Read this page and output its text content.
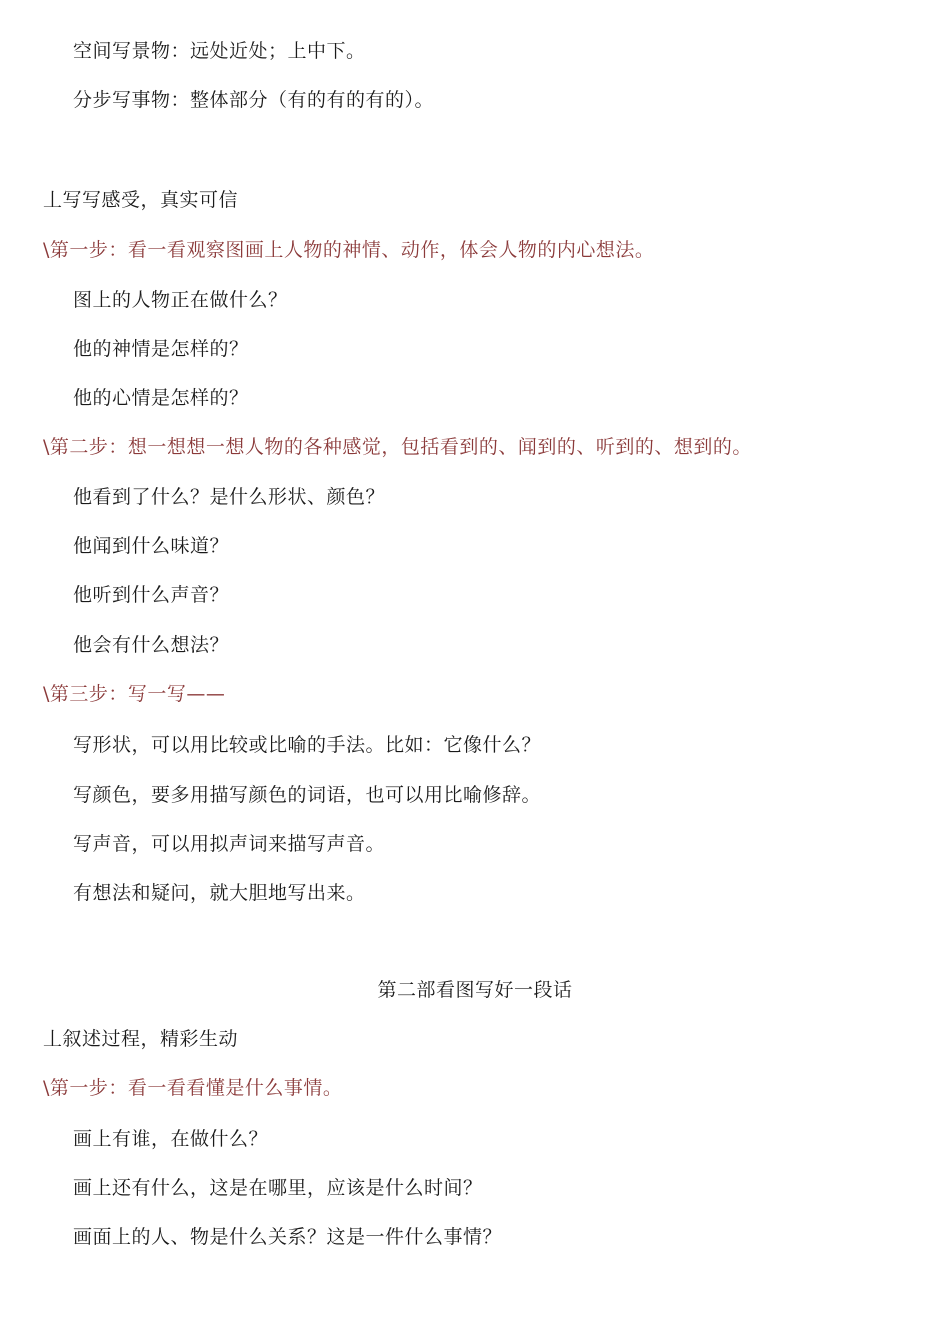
空间写景物：远处近处；上中下。
分步写事物：整体部分（有的有的有的）。
丄写写感受，真实可信
\第一步：看一看观察图画上人物的神情、动作，体会人物的内心想法。
图上的人物正在做什么？
他的神情是怎样的？
他的心情是怎样的？
\第二步：想一想想一想人物的各种感觉，包括看到的、闻到的、听到的、想到的。
他看到了什么？是什么形状、颜色？
他闻到什么味道？
他听到什么声音？
他会有什么想法？
\第三步：写一写——
写形状，可以用比较或比喻的手法。比如：它像什么？
写颜色，要多用描写颜色的词语，也可以用比喻修辞。
写声音，可以用拟声词来描写声音。
有想法和疑问，就大胆地写出来。
第二部看图写好一段话
丄叙述过程，精彩生动
\第一步：看一看看懂是什么事情。
画上有谁，在做什么？
画上还有什么，这是在哪里，应该是什么时间？
画面上的人、物是什么关系？这是一件什么事情？
